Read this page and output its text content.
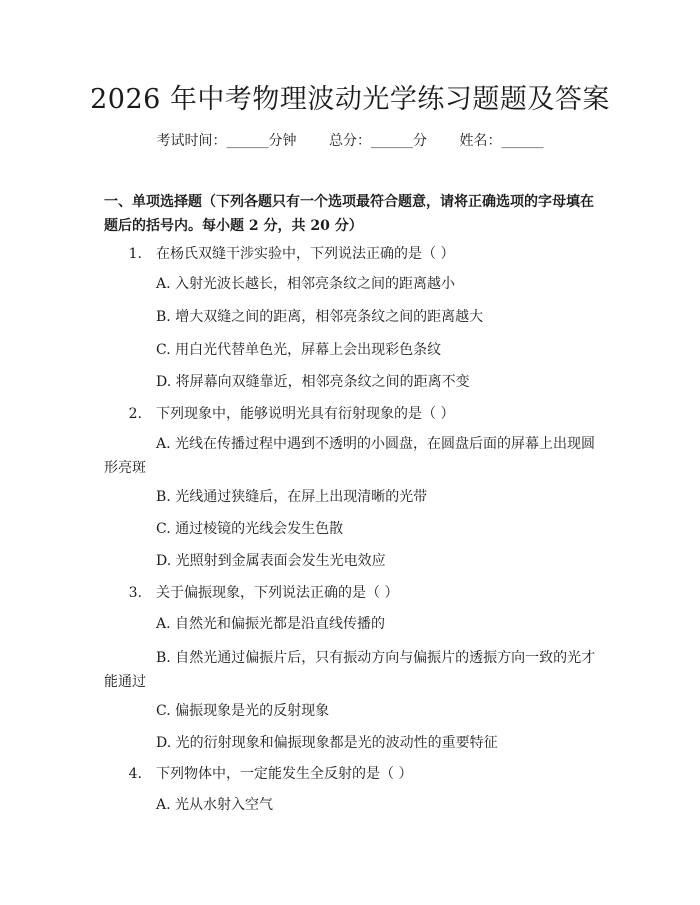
2026 年中考物理波动光学练习题题及答案
考试时间：______分钟 总分：______分 姓名：______
一、单项选择题（下列各题只有一个选项最符合题意，请将正确选项的字母填在题后的括号内。每小题 2 分，共 20 分）
1. 在杨氏双缝干涉实验中，下列说法正确的是（ ）
A. 入射光波长越长，相邻亮条纹之间的距离越小
B. 增大双缝之间的距离，相邻亮条纹之间的距离越大
C. 用白光代替单色光，屏幕上会出现彩色条纹
D. 将屏幕向双缝靠近，相邻亮条纹之间的距离不变
2. 下列现象中，能够说明光具有衍射现象的是（ ）
A. 光线在传播过程中遇到不透明的小圆盘，在圆盘后面的屏幕上出现圆形亮斑
B. 光线通过狭缝后，在屏上出现清晰的光带
C. 通过棱镜的光线会发生色散
D. 光照射到金属表面会发生光电效应
3. 关于偏振现象，下列说法正确的是（ ）
A. 自然光和偏振光都是沿直线传播的
B. 自然光通过偏振片后，只有振动方向与偏振片的透振方向一致的光才能通过
C. 偏振现象是光的反射现象
D. 光的衍射现象和偏振现象都是光的波动性的重要特征
4. 下列物体中，一定能发生全反射的是（ ）
A. 光从水射入空气
